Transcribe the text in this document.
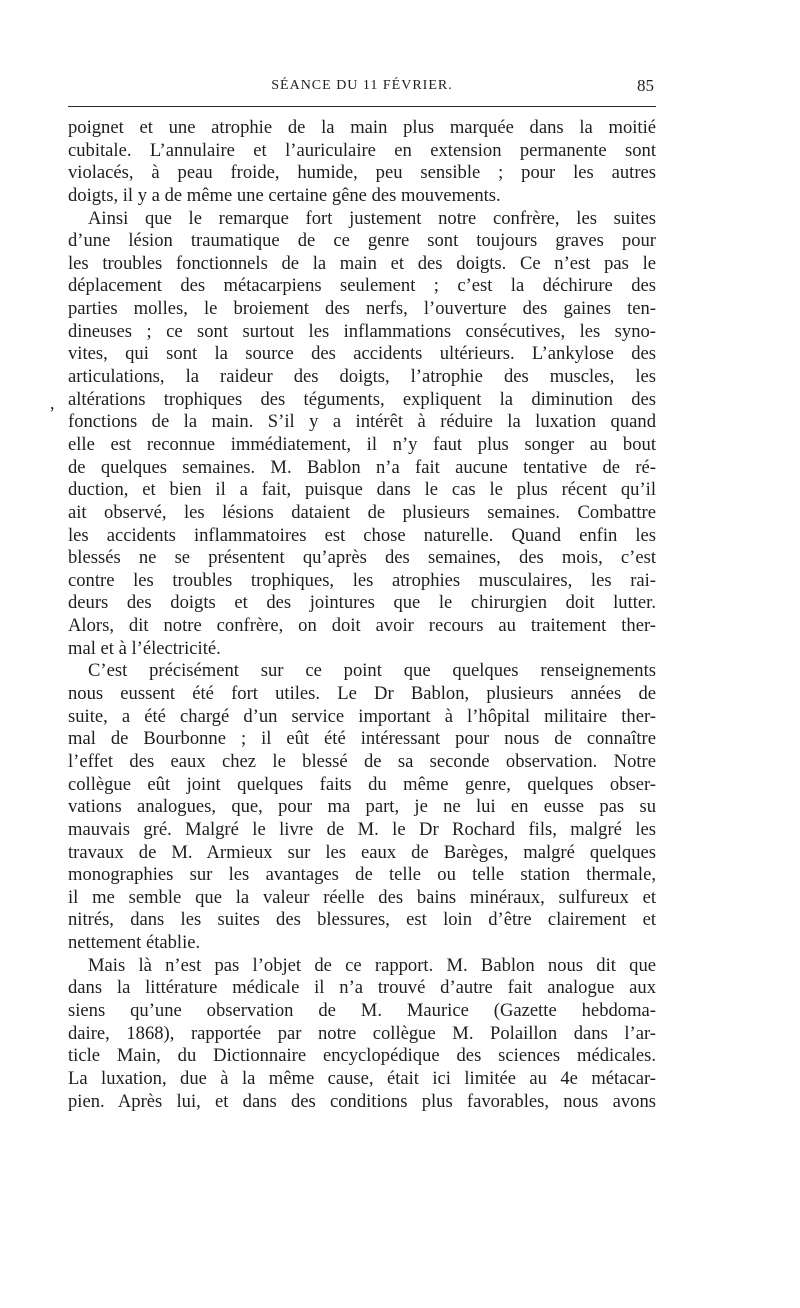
SÉANCE DU 11 FÉVRIER.	85
,
poignet et une atrophie de la main plus marquée dans la moitié
cubitale. L’annulaire et l’auriculaire en extension permanente sont
violacés, à peau froide, humide, peu sensible ; pour les autres
doigts, il y a de même une certaine gêne des mouvements.
Ainsi que le remarque fort justement notre confrère, les suites
d’une lésion traumatique de ce genre sont toujours graves pour
les troubles fonctionnels de la main et des doigts. Ce n’est pas le
déplacement des métacarpiens seulement ; c’est la déchirure des
parties molles, le broiement des nerfs, l’ouverture des gaines ten-
dineuses ; ce sont surtout les inflammations consécutives, les syno-
vites, qui sont la source des accidents ultérieurs. L’ankylose des
articulations, la raideur des doigts, l’atrophie des muscles, les
altérations trophiques des téguments, expliquent la diminution des
fonctions de la main. S’il y a intérêt à réduire la luxation quand
elle est reconnue immédiatement, il n’y faut plus songer au bout
de quelques semaines. M. Bablon n’a fait aucune tentative de ré-
duction, et bien il a fait, puisque dans le cas le plus récent qu’il
ait observé, les lésions dataient de plusieurs semaines. Combattre
les accidents inflammatoires est chose naturelle. Quand enfin les
blessés ne se présentent qu’après des semaines, des mois, c’est
contre les troubles trophiques, les atrophies musculaires, les rai-
deurs des doigts et des jointures que le chirurgien doit lutter.
Alors, dit notre confrère, on doit avoir recours au traitement ther-
mal et à l’électricité.
C’est précisément sur ce point que quelques renseignements
nous eussent été fort utiles. Le Dr Bablon, plusieurs années de
suite, a été chargé d’un service important à l’hôpital militaire ther-
mal de Bourbonne ; il eût été intéressant pour nous de connaître
l’effet des eaux chez le blessé de sa seconde observation. Notre
collègue eût joint quelques faits du même genre, quelques obser-
vations analogues, que, pour ma part, je ne lui en eusse pas su
mauvais gré. Malgré le livre de M. le Dr Rochard fils, malgré les
travaux de M. Armieux sur les eaux de Barèges, malgré quelques
monographies sur les avantages de telle ou telle station thermale,
il me semble que la valeur réelle des bains minéraux, sulfureux et
nitrés, dans les suites des blessures, est loin d’être clairement et
nettement établie.
Mais là n’est pas l’objet de ce rapport. M. Bablon nous dit que
dans la littérature médicale il n’a trouvé d’autre fait analogue aux
siens qu’une observation de M. Maurice (Gazette hebdoma-
daire, 1868), rapportée par notre collègue M. Polaillon dans l’ar-
ticle Main, du Dictionnaire encyclopédique des sciences médicales.
La luxation, due à la même cause, était ici limitée au 4e métacar-
pien. Après lui, et dans des conditions plus favorables, nous avons
